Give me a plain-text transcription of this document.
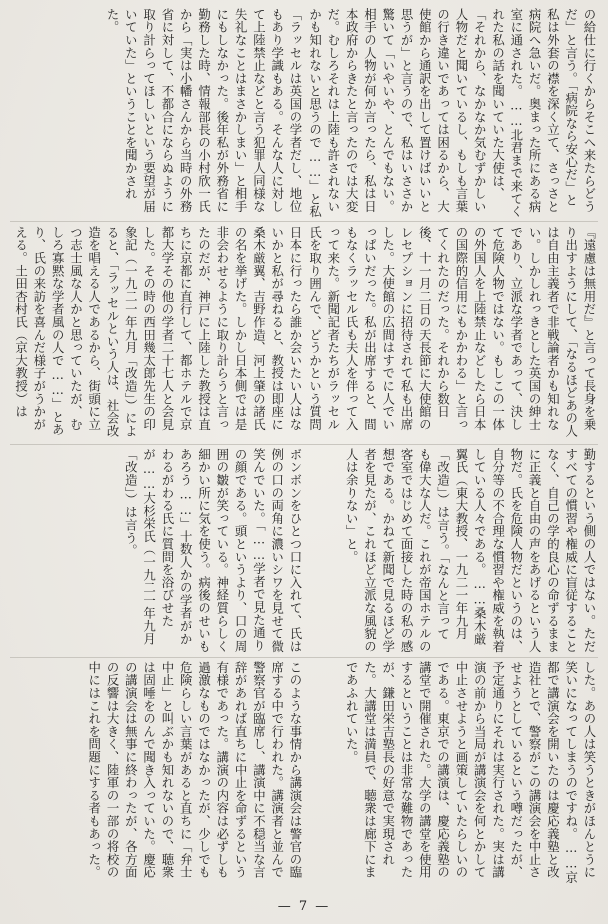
の給仕に行くからそこへ来たらどうだ」と言う。「病院なら安心だ」と私は外套の襟を深く立て、さっさと病院へ急いだ。奥まった所にある病室に通された。……北君まで来てくれた私の話を聞いていた大使は、「それから、なかなか気むずかしい人物だと聞いているし、もしも言葉の行き違いであっては困るから、大使館から通訳を出して置けばいいと思うが」と言うので、私はいささか驚いて「いやいや、とんでもない。相手の人物が何か言ったら、私は日本政府からきたと言ったのでは大変だ。むしろそれは上陸も許されないかも知れないと思うので……」と私
「ラッセルは英国の学者だし、地位もあり学識もある。そんな人に対して上陸禁止などと言う犯罪人同様な失礼なことはまさかしまい」と相手にもしなかった。後年私が外務省に勤務した時、情報部長の小村欣一氏から「実は小幡さんから当時の外務省に対して、不都合にならぬように取り計らってほしいという要望が届いていた」ということを聞かされた。
『遠慮は無用だ』と言って長身を乗り出すようにして、「なるほどあの人は自由主義者で非戦論者かも知れない。しかしれっきとした英国の紳士であり、立派な学者であって、決して危険人物ではない。もしこの一体の外国人を上陸禁止などしたら日本の国際的信用にもかかわる」と言ってくれたのだった。それから数日後、十一月二日の天長節に大使館のレセプションに招待されて私も出席した。大使館の広間はすでに人でいっぱいだった。私が出席すると、間もなくラッセル氏も夫人を伴って入って来た。新聞記者たちがラッセル氏を取り囲んで、どうかという質問
日本に行ったら誰か会いたい人はないかと私が尋ねると、教授は即座に桑木厳翼、吉野作造、河上肇の諸氏の名を挙げた。しかし日本側では是非会わせるように取り計らうと言ったのだが、神戸に上陸した教授は直ちに京都に直行して、都ホテルで京都大学その他の学者二十七人と会見した。その時の西田幾太郎先生の印象記（一九二一年九月「改造」）によると、「ラッセルという人は、社会改造を唱える人であるから、街頭に立つ志士風な人かと思っていたが、むしろ寡黙な学者風の人で……」とあり、氏の来訪を喜んだ様子がうかがえる。土田杏村氏（京大教授）は
勤するという側の人ではない。ただすべての慣習や権威に盲従することなく、自己の学的良心の命ずるままに正義と自由の声をあげるという人物だ。氏を危険人物だというのは、自分等の不合理な慣習や権威を執着している人々である。……桑木厳翼氏（東大教授、一九二一年九月「改造」）は言う。「なんと言っても偉大な人だ。これが帝国ホテルの客室ではじめて面接した時の私の感想である。かねて新聞で見るほど学者を見たが、これほど立派な風貌の人は余りない」と。
ボンボンをひとつ口に入れて、氏は例の口の両角に濃いシワを見せて微笑んでいた。「……学者で見た通りの顔である。頭というより、口の周囲の皺が笑っている。神経質らしく細かい所に気を使う。病後のせいもあろう……」十数人かの学者がかわるがわる氏に質問を浴びせたが……大杉栄氏（一九二一年九月「改造」）は言う。
した。あの人は笑うときがほんとうに笑いになってしまうのですね。……京都で講演会を開いたのは慶応義塾と改造社とで、警察がこの講演会を中止させようとしているという噂だったが、予定通りにそれは実行された。実は講演の前から当局が講演会を何とかして中止させようと画策していたらしいのである。東京での講演は、慶応義塾の講堂で開催された。大学の講堂を使用するということは非常な難物であったが、鎌田栄吉塾長の好意で実現された。大講堂は満員で、聴衆は廊下にまであふれていた。
このような事情から講演会は警官の臨席する中で行われた。講演者と並んで警察官が臨席し、講演中に不穏当な言辞があれば直ちに中止を命ずるという有様であった。講演の内容は必ずしも過激なものではなかったが、少しでも危険らしい言葉があると直ちに「弁士中止」と叫ぶかも知れないので、聴衆は固唾をのんで聞き入っていた。慶応の講演会は無事に終わったが、各方面の反響は大きく、陸軍の一部の将校の中にはこれを問題にする者もあった。
— 7 —
